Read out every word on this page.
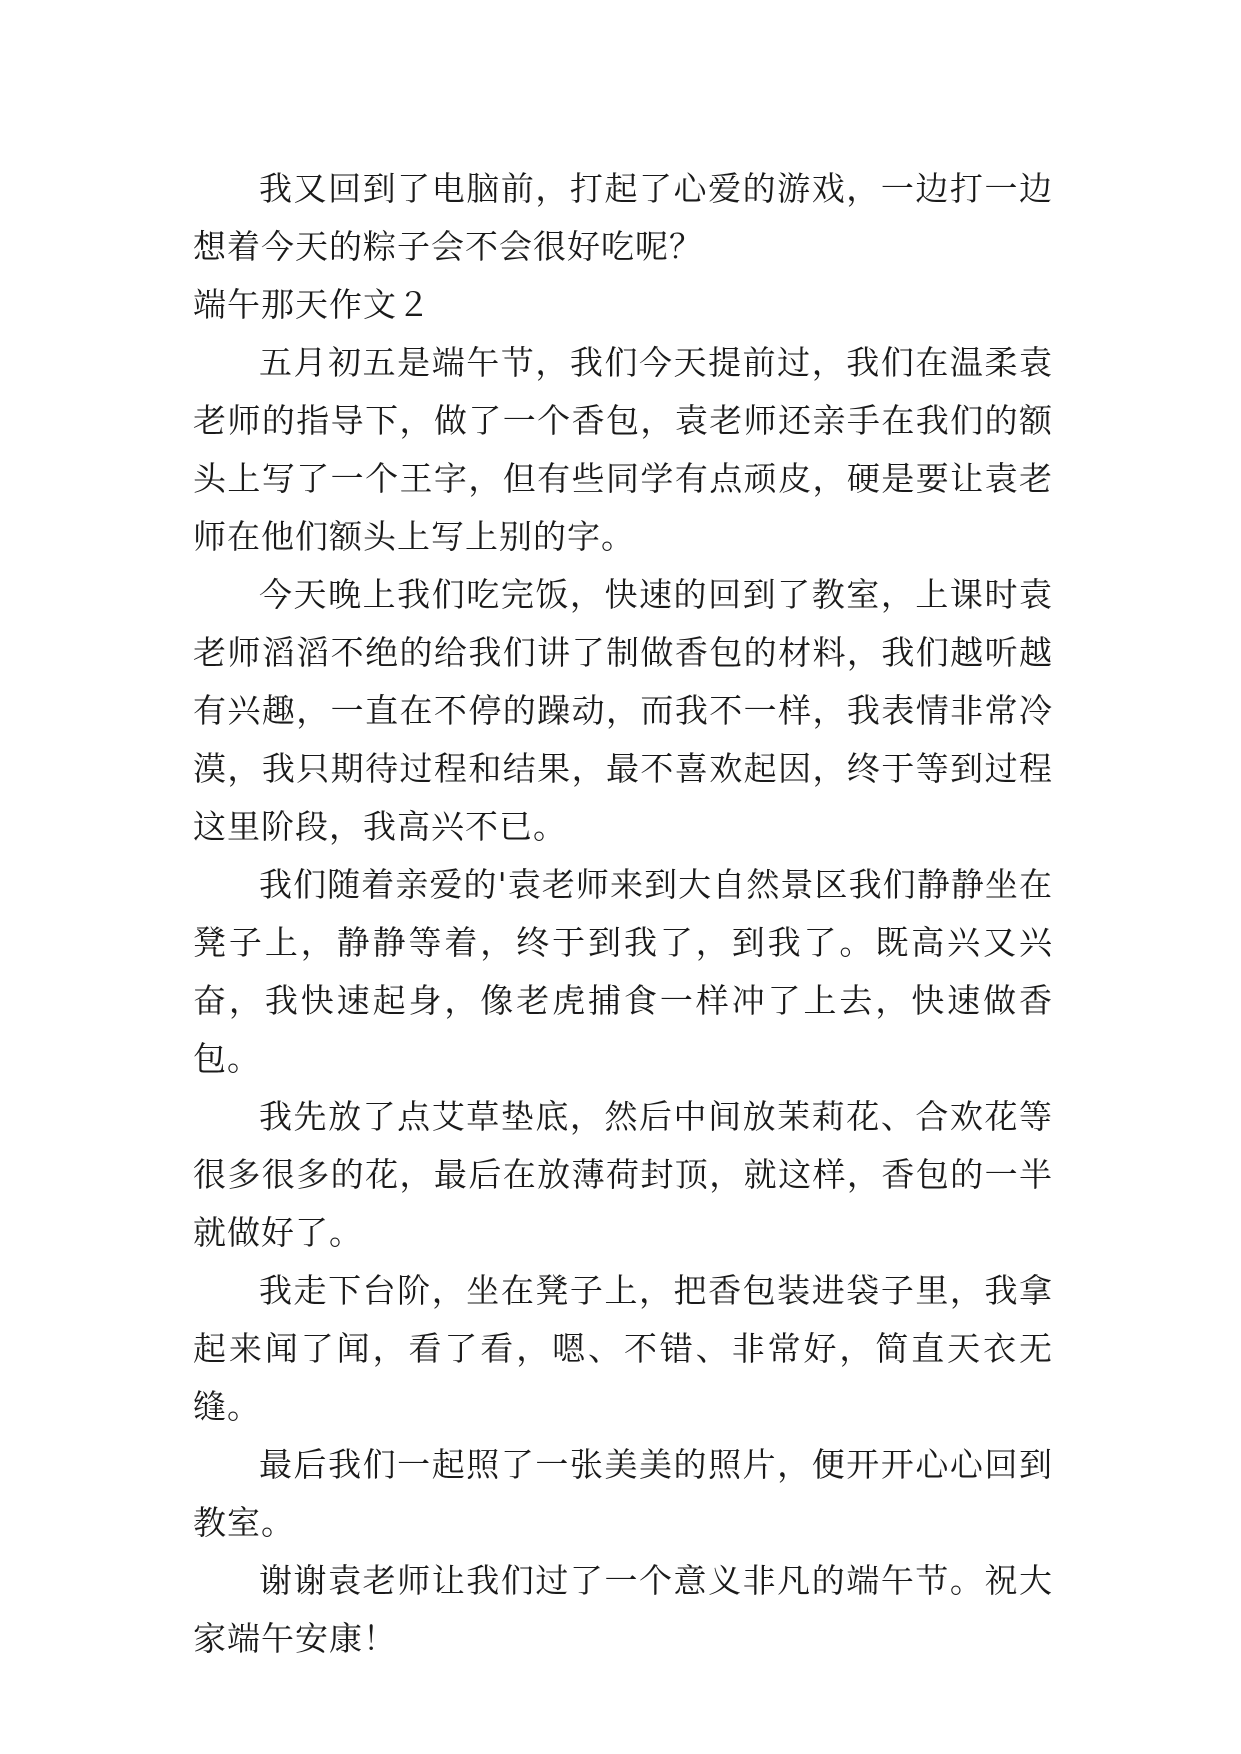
我又回到了电脑前，打起了心爱的游戏，一边打一边想着今天的粽子会不会很好吃呢？

端午那天作文２

五月初五是端午节，我们今天提前过，我们在温柔袁老师的指导下，做了一个香包，袁老师还亲手在我们的额头上写了一个王字，但有些同学有点顽皮，硬是要让袁老师在他们额头上写上别的字。

今天晚上我们吃完饭，快速的回到了教室，上课时袁老师滔滔不绝的给我们讲了制做香包的材料，我们越听越有兴趣，一直在不停的躁动，而我不一样，我表情非常冷漠，我只期待过程和结果，最不喜欢起因，终于等到过程这里阶段，我高兴不已。

我们随着亲爱的'袁老师来到大自然景区我们静静坐在凳子上，静静等着，终于到我了，到我了。既高兴又兴奋，我快速起身，像老虎捕食一样冲了上去，快速做香包。

我先放了点艾草垫底，然后中间放茉莉花、合欢花等很多很多的花，最后在放薄荷封顶，就这样，香包的一半就做好了。

我走下台阶，坐在凳子上，把香包装进袋子里，我拿起来闻了闻，看了看，嗯、不错、非常好，简直天衣无缝。

最后我们一起照了一张美美的照片，便开开心心回到教室。

谢谢袁老师让我们过了一个意义非凡的端午节。祝大家端午安康！
